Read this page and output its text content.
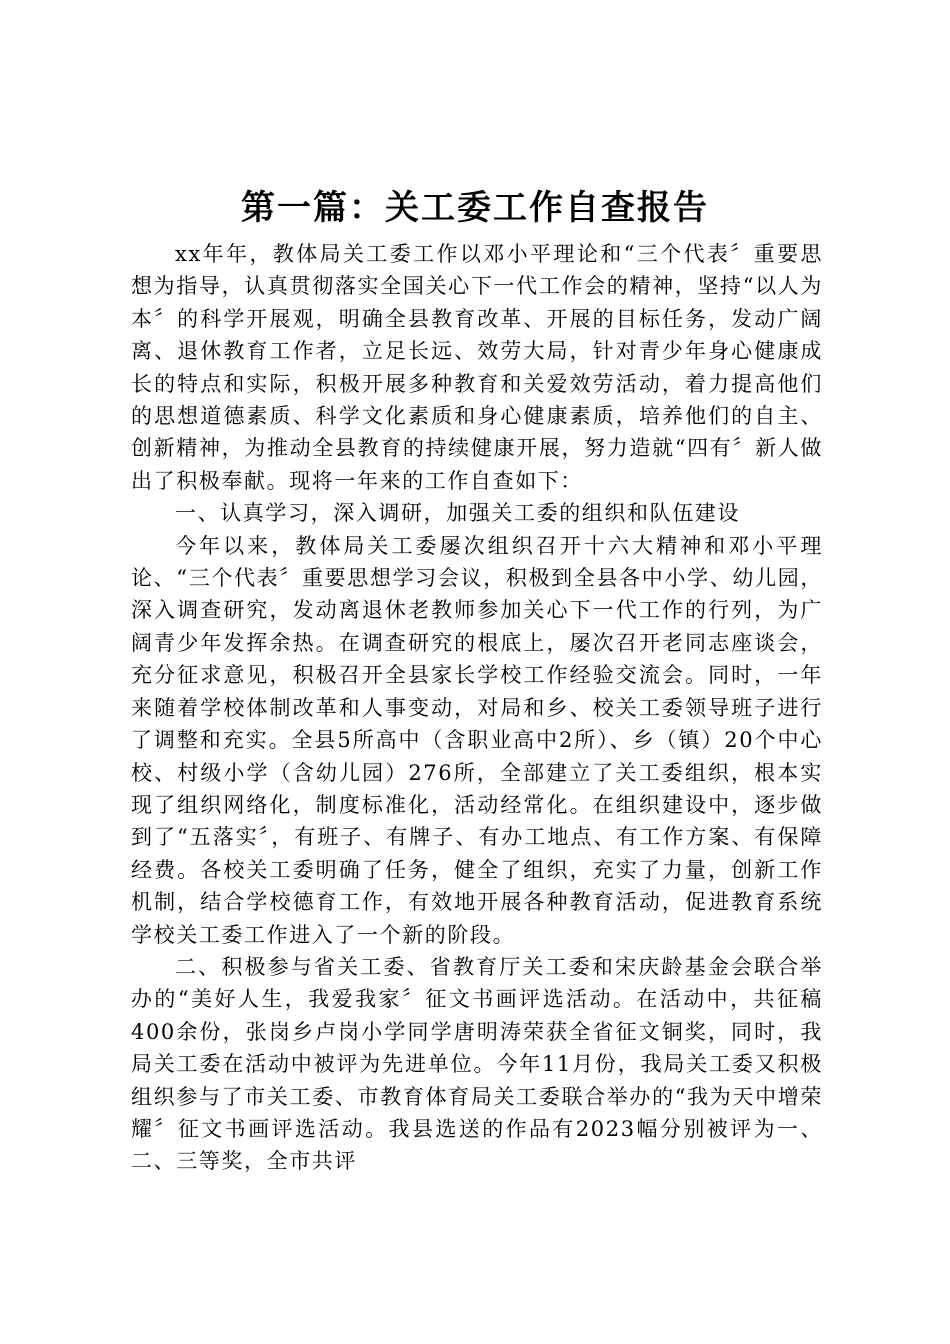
第一篇：关工委工作自查报告

xx年年，教体局关工委工作以邓小平理论和“三个代表〞重要思想为指导，认真贯彻落实全国关心下一代工作会的精神，坚持“以人为本〞的科学开展观，明确全县教育改革、开展的目标任务，发动广阔离、退休教育工作者，立足长远、效劳大局，针对青少年身心健康成长的特点和实际，积极开展多种教育和关爱效劳活动，着力提高他们的思想道德素质、科学文化素质和身心健康素质，培养他们的自主、创新精神，为推动全县教育的持续健康开展，努力造就“四有〞新人做出了积极奉献。现将一年来的工作自查如下：

一、认真学习，深入调研，加强关工委的组织和队伍建设

今年以来，教体局关工委屡次组织召开十六大精神和邓小平理论、“三个代表〞重要思想学习会议，积极到全县各中小学、幼儿园，深入调查研究，发动离退休老教师参加关心下一代工作的行列，为广阔青少年发挥余热。在调查研究的根底上，屡次召开老同志座谈会，充分征求意见，积极召开全县家长学校工作经验交流会。同时，一年来随着学校体制改革和人事变动，对局和乡、校关工委领导班子进行了调整和充实。全县5所高中（含职业高中2所）、乡（镇）20个中心校、村级小学（含幼儿园）276所，全部建立了关工委组织，根本实现了组织网络化，制度标准化，活动经常化。在组织建设中，逐步做到了“五落实〞，有班子、有牌子、有办工地点、有工作方案、有保障经费。各校关工委明确了任务，健全了组织，充实了力量，创新工作机制，结合学校德育工作，有效地开展各种教育活动，促进教育系统学校关工委工作进入了一个新的阶段。

二、积极参与省关工委、省教育厅关工委和宋庆龄基金会联合举办的“美好人生，我爱我家〞征文书画评选活动。在活动中，共征稿400余份，张岗乡卢岗小学同学唐明涛荣获全省征文铜奖，同时，我局关工委在活动中被评为先进单位。今年11月份，我局关工委又积极组织参与了市关工委、市教育体育局关工委联合举办的“我为天中增荣耀〞征文书画评选活动。我县选送的作品有2023幅分别被评为一、二、三等奖，全市共评
